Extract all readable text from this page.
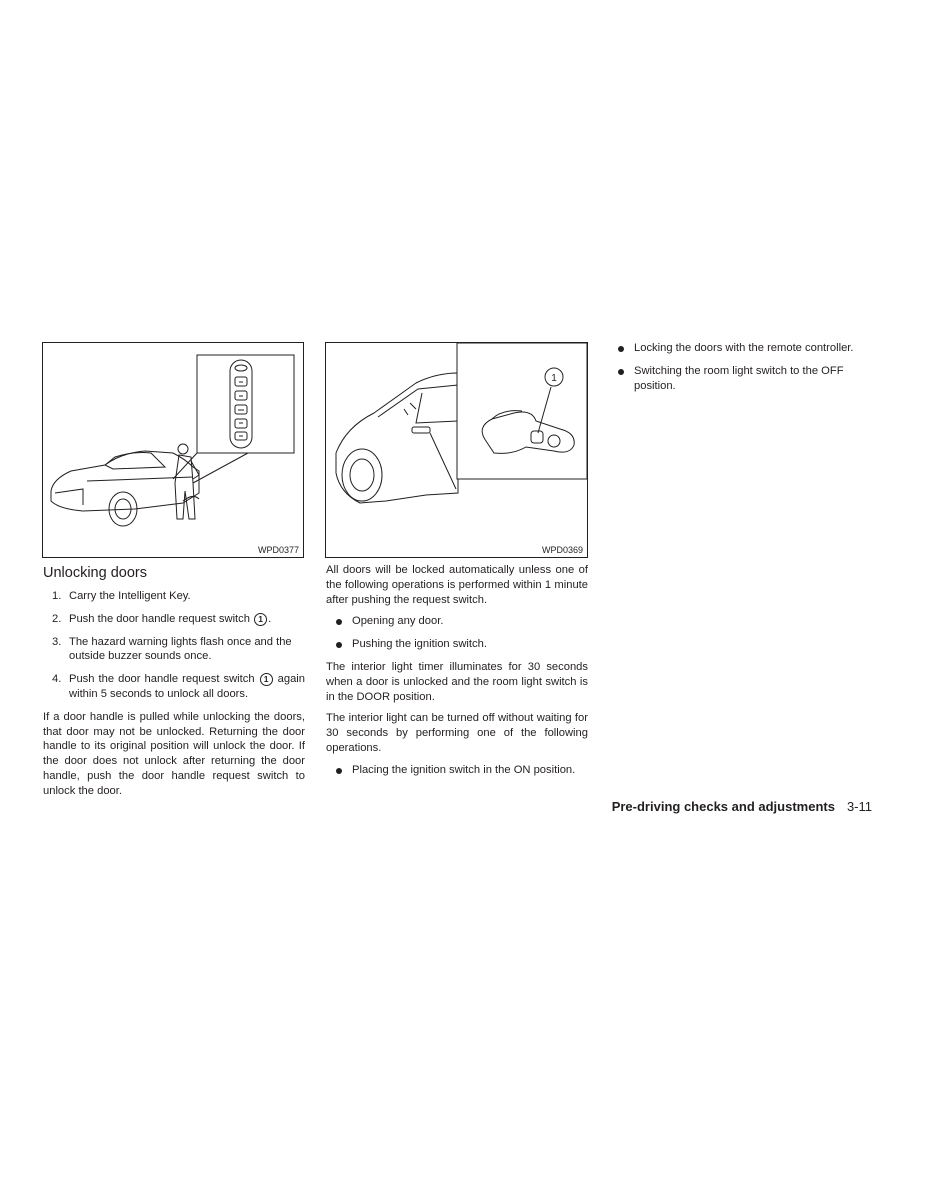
WPD0377
1
WPD0369
Unlocking doors
1. Carry the Intelligent Key.
2. Push the door handle request switch 1 .
3. The hazard warning lights flash once and the outside buzzer sounds once.
4. Push the door handle request switch 1 again within 5 seconds to unlock all doors.

If a door handle is pulled while unlocking the doors, that door may not be unlocked. Returning the door handle to its original position will unlock the door. If the door does not unlock after returning the door handle, push the door handle request switch to unlock the door.

All doors will be locked automatically unless one of the following operations is performed within 1 minute after pushing the request switch.

Opening any door.
Pushing the ignition switch.

The interior light timer illuminates for 30 seconds when a door is unlocked and the room light switch is in the DOOR position.

The interior light can be turned off without waiting for 30 seconds by performing one of the following operations.

Placing the ignition switch in the ON position.
Locking the doors with the remote controller.
Switching the room light switch to the OFF position.
Pre-driving checks and adjustments 3-11
